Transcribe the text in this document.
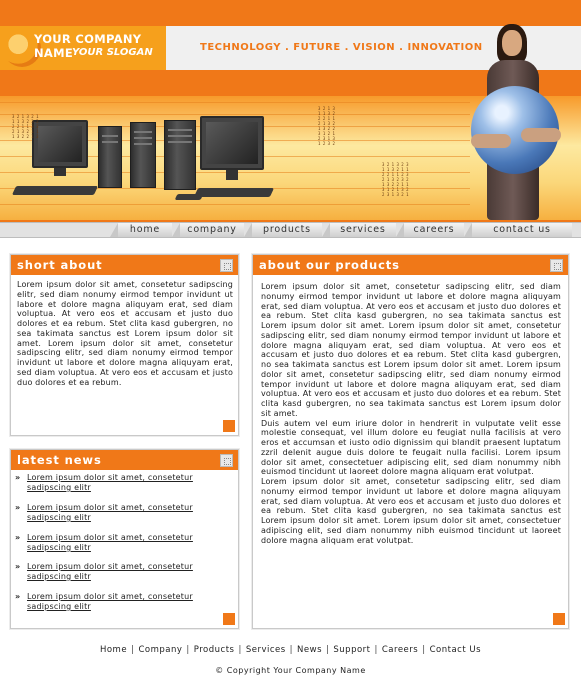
YOUR COMPANY NAME
YOUR SLOGAN	TECHNOLOGY . FUTURE . VISION . INNOVATION
3 2 1 3 2 1
1 1 3 2 3 2
2 2 1 1 3 3
2 1 3 2 1 1
1 3 2 2 1 3
3 2 1 3
1 1 3 2
2 2 1 1
2 1 3 2
1 3 2 2
3 1 2 1
2 3 1 3
1 2 3 2
3 2 1 3 2 3
1 1 3 2 1 1
2 2 1 1 2 3
2 1 3 2 3 2
1 3 2 2 1 1
3 1 2 1 3 2
2 3 1 3 2 1
home	company	products	services	careers	contact us
short about
Lorem ipsum dolor sit amet, consetetur sadipscing elitr, sed diam nonumy eirmod tempor invidunt ut labore et dolore magna aliquyam erat, sed diam voluptua. At vero eos et accusam et justo duo dolores et ea rebum. Stet clita kasd gubergren, no sea takimata sanctus est Lorem ipsum dolor sit amet. Lorem ipsum dolor sit amet, consetetur sadipscing elitr, sed diam nonumy eirmod tempor invidunt ut labore et dolore magna aliquyam erat, sed diam voluptua. At vero eos et accusam et justo duo dolores et ea rebum.
latest news
» Lorem ipsum dolor sit amet, consetetur sadipscing elitr
» Lorem ipsum dolor sit amet, consetetur sadipscing elitr
» Lorem ipsum dolor sit amet, consetetur sadipscing elitr
» Lorem ipsum dolor sit amet, consetetur sadipscing elitr
» Lorem ipsum dolor sit amet, consetetur sadipscing elitr
about our products
Lorem ipsum dolor sit amet, consetetur sadipscing elitr, sed diam nonumy eirmod tempor invidunt ut labore et dolore magna aliquyam erat, sed diam voluptua. At vero eos et accusam et justo duo dolores et ea rebum. Stet clita kasd gubergren, no sea takimata sanctus est Lorem ipsum dolor sit amet. Lorem ipsum dolor sit amet, consetetur sadipscing elitr, sed diam nonumy eirmod tempor invidunt ut labore et dolore magna aliquyam erat, sed diam voluptua. At vero eos et accusam et justo duo dolores et ea rebum. Stet clita kasd gubergren, no sea takimata sanctus est Lorem ipsum dolor sit amet. Lorem ipsum dolor sit amet, consetetur sadipscing elitr, sed diam nonumy eirmod tempor invidunt ut labore et dolore magna aliquyam erat, sed diam voluptua. At vero eos et accusam et justo duo dolores et ea rebum. Stet clita kasd gubergren, no sea takimata sanctus est Lorem ipsum dolor sit amet.
Duis autem vel eum iriure dolor in hendrerit in vulputate velit esse molestie consequat, vel illum dolore eu feugiat nulla facilisis at vero eros et accumsan et iusto odio dignissim qui blandit praesent luptatum zzril delenit augue duis dolore te feugait nulla facilisi. Lorem ipsum dolor sit amet, consectetuer adipiscing elit, sed diam nonummy nibh euismod tincidunt ut laoreet dolore magna aliquam erat volutpat.
Lorem ipsum dolor sit amet, consetetur sadipscing elitr, sed diam nonumy eirmod tempor invidunt ut labore et dolore magna aliquyam erat, sed diam voluptua. At vero eos et accusam et justo duo dolores et ea rebum. Stet clita kasd gubergren, no sea takimata sanctus est Lorem ipsum dolor sit amet. Lorem ipsum dolor sit amet, consectetuer adipiscing elit, sed diam nonummy nibh euismod tincidunt ut laoreet dolore magna aliquam erat volutpat.
Home | Company | Products | Services | News | Support | Careers | Contact Us
© Copyright Your Company Name
